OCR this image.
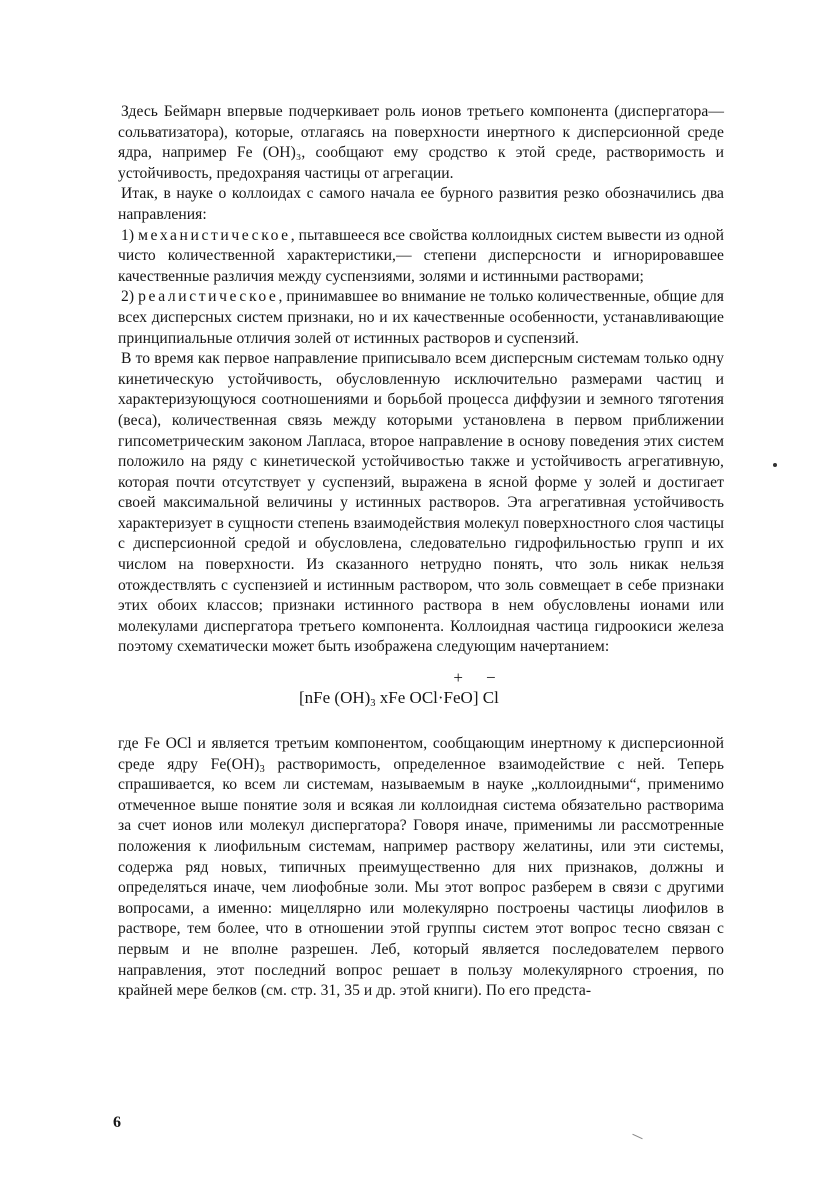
Здесь Беймарн впервые подчеркивает роль ионов третьего компонента (диспергатора—сольватизатора), которые, отлагаясь на поверхности инертного к дисперсионной среде ядра, например Fe (OH)₃, сообщают ему сродство к этой среде, растворимость и устойчивость, предохраняя частицы от агрегации.

Итак, в науке о коллоидах с самого начала ее бурного развития резко обозначились два направления:

1) механистическое, пытавшееся все свойства коллоидных систем вывести из одной чисто количественной характеристики,— степени дисперсности и игнорировавшее качественные различия между суспензиями, золями и истинными растворами;

2) реалистическое, принимавшее во внимание не только количественные, общие для всех дисперсных систем признаки, но и их качественные особенности, устанавливающие принципиальные отличия золей от истинных растворов и суспензий.

В то время как первое направление приписывало всем дисперсным системам только одну кинетическую устойчивость, обусловленную исключительно размерами частиц и характеризующуюся соотношениями и борьбой процесса диффузии и земного тяготения (веса), количественная связь между которыми установлена в первом приближении гипсометрическим законом Лапласа, второе направление в основу поведения этих систем положило на ряду с кинетической устойчивостью также и устойчивость агрегативную, которая почти отсутствует у суспензий, выражена в ясной форме у золей и достигает своей максимальной величины у истинных растворов. Эта агрегативная устойчивость характеризует в сущности степень взаимодействия молекул поверхностного слоя частицы с дисперсионной средой и обусловлена, следовательно гидрофильностью групп и их числом на поверхности. Из сказанного нетрудно понять, что золь никак нельзя отождествлять с суспензией и истинным раствором, что золь совмещает в себе признаки этих обоих классов; признаки истинного раствора в нем обусловлены ионами или молекулами диспергатора третьего компонента. Коллоидная частица гидроокиси железа поэтому схематически может быть изображена следующим начертанием:

[nFe $(OH)_3$ xFe OCl·
+
FeO]
−
Cl

где Fe OCl и является третьим компонентом, сообщающим инертному к дисперсионной среде ядру $Fe(OH)_3$ растворимость, определенное взаимодействие с ней. Теперь спрашивается, ко всем ли системам, называемым в науке „коллоидными“, применимо отмеченное выше понятие золя и всякая ли коллоидная система обязательно растворима за счет ионов или молекул диспергатора? Говоря иначе, применимы ли рассмотренные положения к лиофильным системам, например раствору желатины, или эти системы, содержа ряд новых, типичных преимущественно для них признаков, должны и определяться иначе, чем лиофобные золи. Мы этот вопрос разберем в связи с другими вопросами, а именно: мицеллярно или молекулярно построены частицы лиофилов в растворе, тем более, что в отношении этой группы систем этот вопрос тесно связан с первым и не вполне разрешен. Леб, который является последователем первого направления, этот последний вопрос решает в пользу молекулярного строения, по крайней мере белков (см. стр. 31, 35 и др. этой книги). По его предста-

6
